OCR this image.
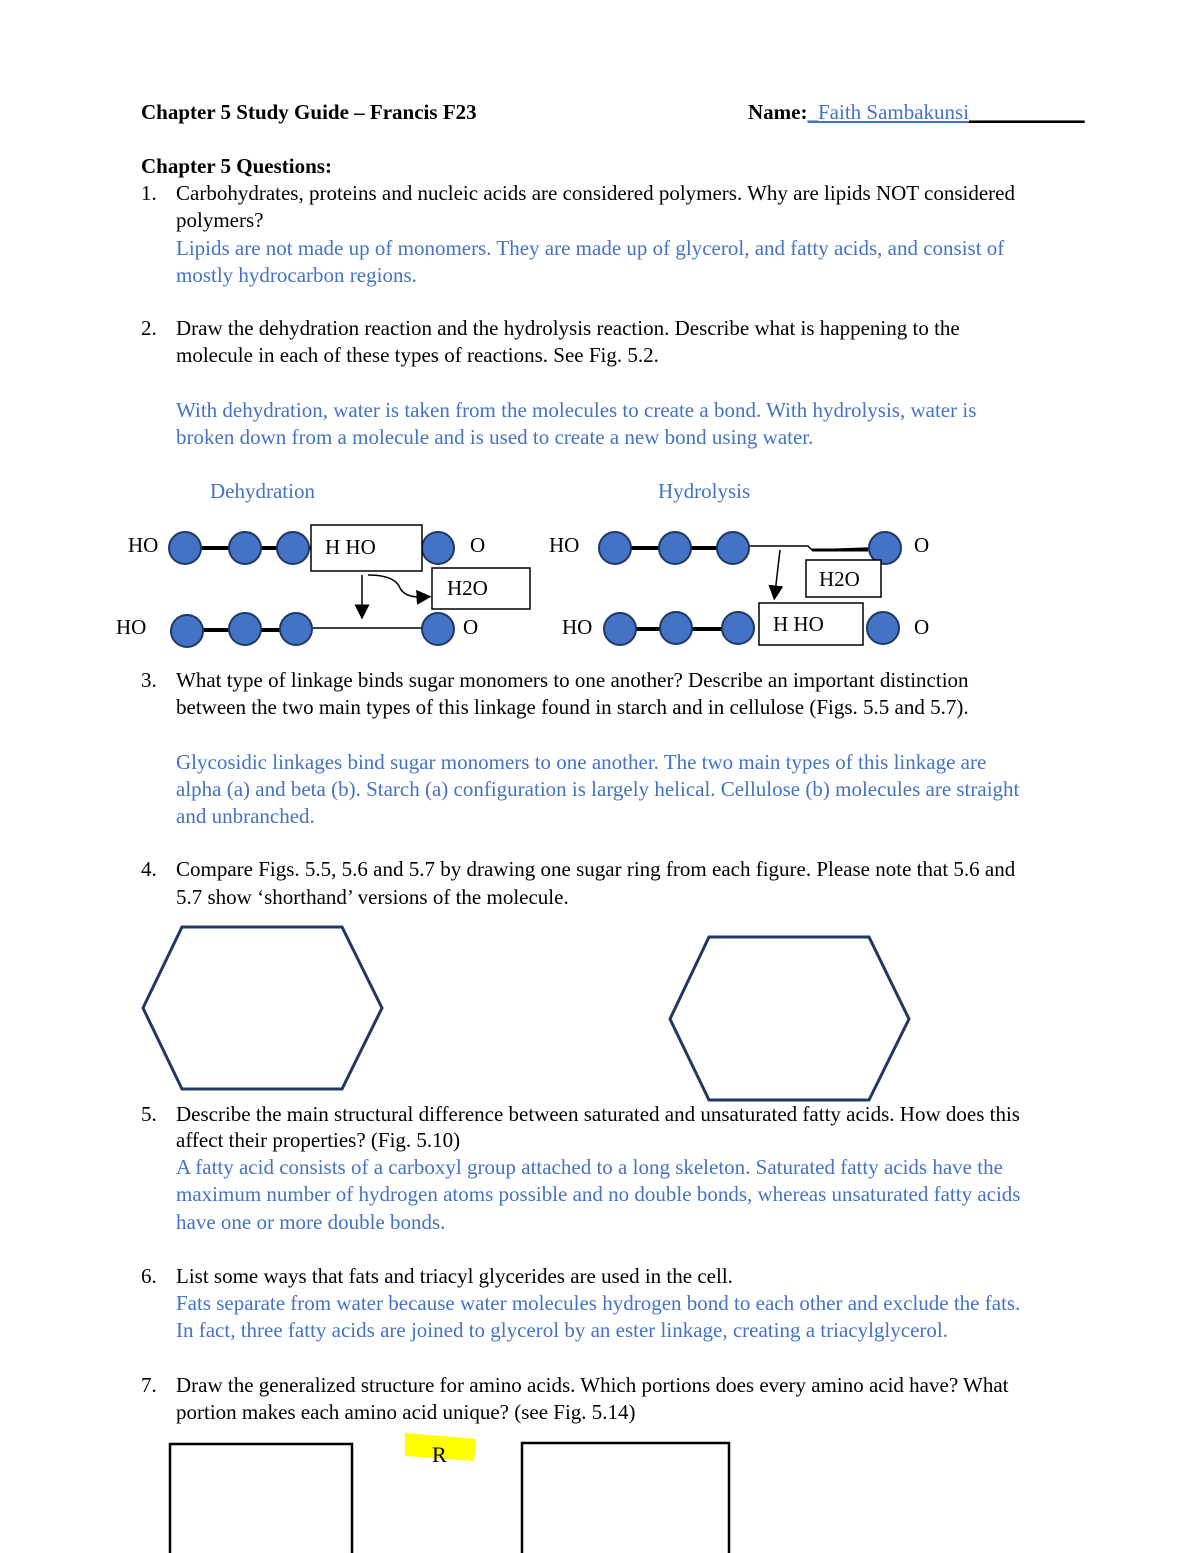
Chapter 5 Study Guide – Francis F23	Name:_Faith Sambakunsi___________
Chapter 5 Questions:
1. Carbohydrates, proteins and nucleic acids are considered polymers. Why are lipids NOT considered
polymers?
Lipids are not made up of monomers. They are made up of glycerol, and fatty acids, and consist of
mostly hydrocarbon regions.
2. Draw the dehydration reaction and the hydrolysis reaction. Describe what is happening to the
molecule in each of these types of reactions. See Fig. 5.2.
With dehydration, water is taken from the molecules to create a bond. With hydrolysis, water is
broken down from a molecule and is used to create a new bond using water.
Dehydration	Hydrolysis
HO	O
H HO
H2O
HO	O
HO	O
H2O
H HO
HO	O
3. What type of linkage binds sugar monomers to one another? Describe an important distinction
between the two main types of this linkage found in starch and in cellulose (Figs. 5.5 and 5.7).
Glycosidic linkages bind sugar monomers to one another. The two main types of this linkage are
alpha (a) and beta (b). Starch (a) configuration is largely helical. Cellulose (b) molecules are straight
and unbranched.
4. Compare Figs. 5.5, 5.6 and 5.7 by drawing one sugar ring from each figure. Please note that 5.6 and
5.7 show ‘shorthand’ versions of the molecule.
5. Describe the main structural difference between saturated and unsaturated fatty acids. How does this
affect their properties? (Fig. 5.10)
A fatty acid consists of a carboxyl group attached to a long skeleton. Saturated fatty acids have the
maximum number of hydrogen atoms possible and no double bonds, whereas unsaturated fatty acids
have one or more double bonds.
6. List some ways that fats and triacyl glycerides are used in the cell.
Fats separate from water because water molecules hydrogen bond to each other and exclude the fats.
In fact, three fatty acids are joined to glycerol by an ester linkage, creating a triacylglycerol.
7. Draw the generalized structure for amino acids. Which portions does every amino acid have? What
portion makes each amino acid unique? (see Fig. 5.14)
R
